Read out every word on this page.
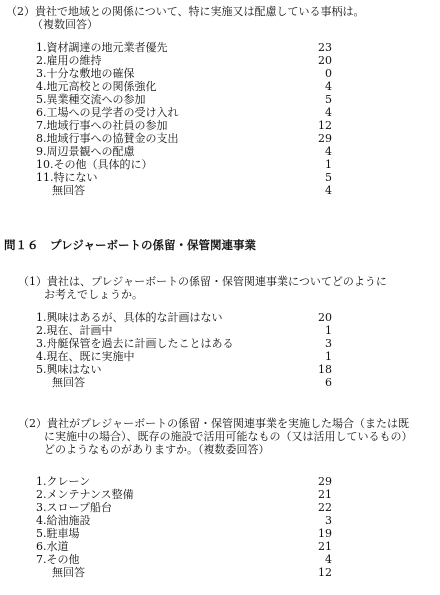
（2）貴社で地域との関係について、特に実施又は配慮している事柄は。
（複数回答）
1.資材調達の地元業者優先	23
2.雇用の維持	20
3.十分な敷地の確保	0
4.地元高校との関係強化	4
5.異業種交流への参加	5
6.工場への見学者の受け入れ	4
7.地域行事への社員の参加	12
8.地域行事への協賛金の支出	29
9.周辺景観への配慮	4
10.その他（具体的に）	1
11.特にない	5
無回答	4
問１６　プレジャーボートの係留・保管関連事業
（1）貴社は、プレジャーボートの係留・保管関連事業についてどのように
お考えでしょうか。
1.興味はあるが、具体的な計画はない	20
2.現在、計画中	1
3.舟艇保管を過去に計画したことはある	3
4.現在、既に実施中	1
5.興味はない	18
無回答	6
（2）貴社がプレジャーボートの係留・保管関連事業を実施した場合（または既
に実施中の場合）、既存の施設で活用可能なもの（又は活用しているもの）
どのようなものがありますか。（複数委回答）
1.クレーン	29
2.メンテナンス整備	21
3.スロープ船台	22
4.給油施設	3
5.駐車場	19
6.水道	21
7.その他	4
無回答	12
